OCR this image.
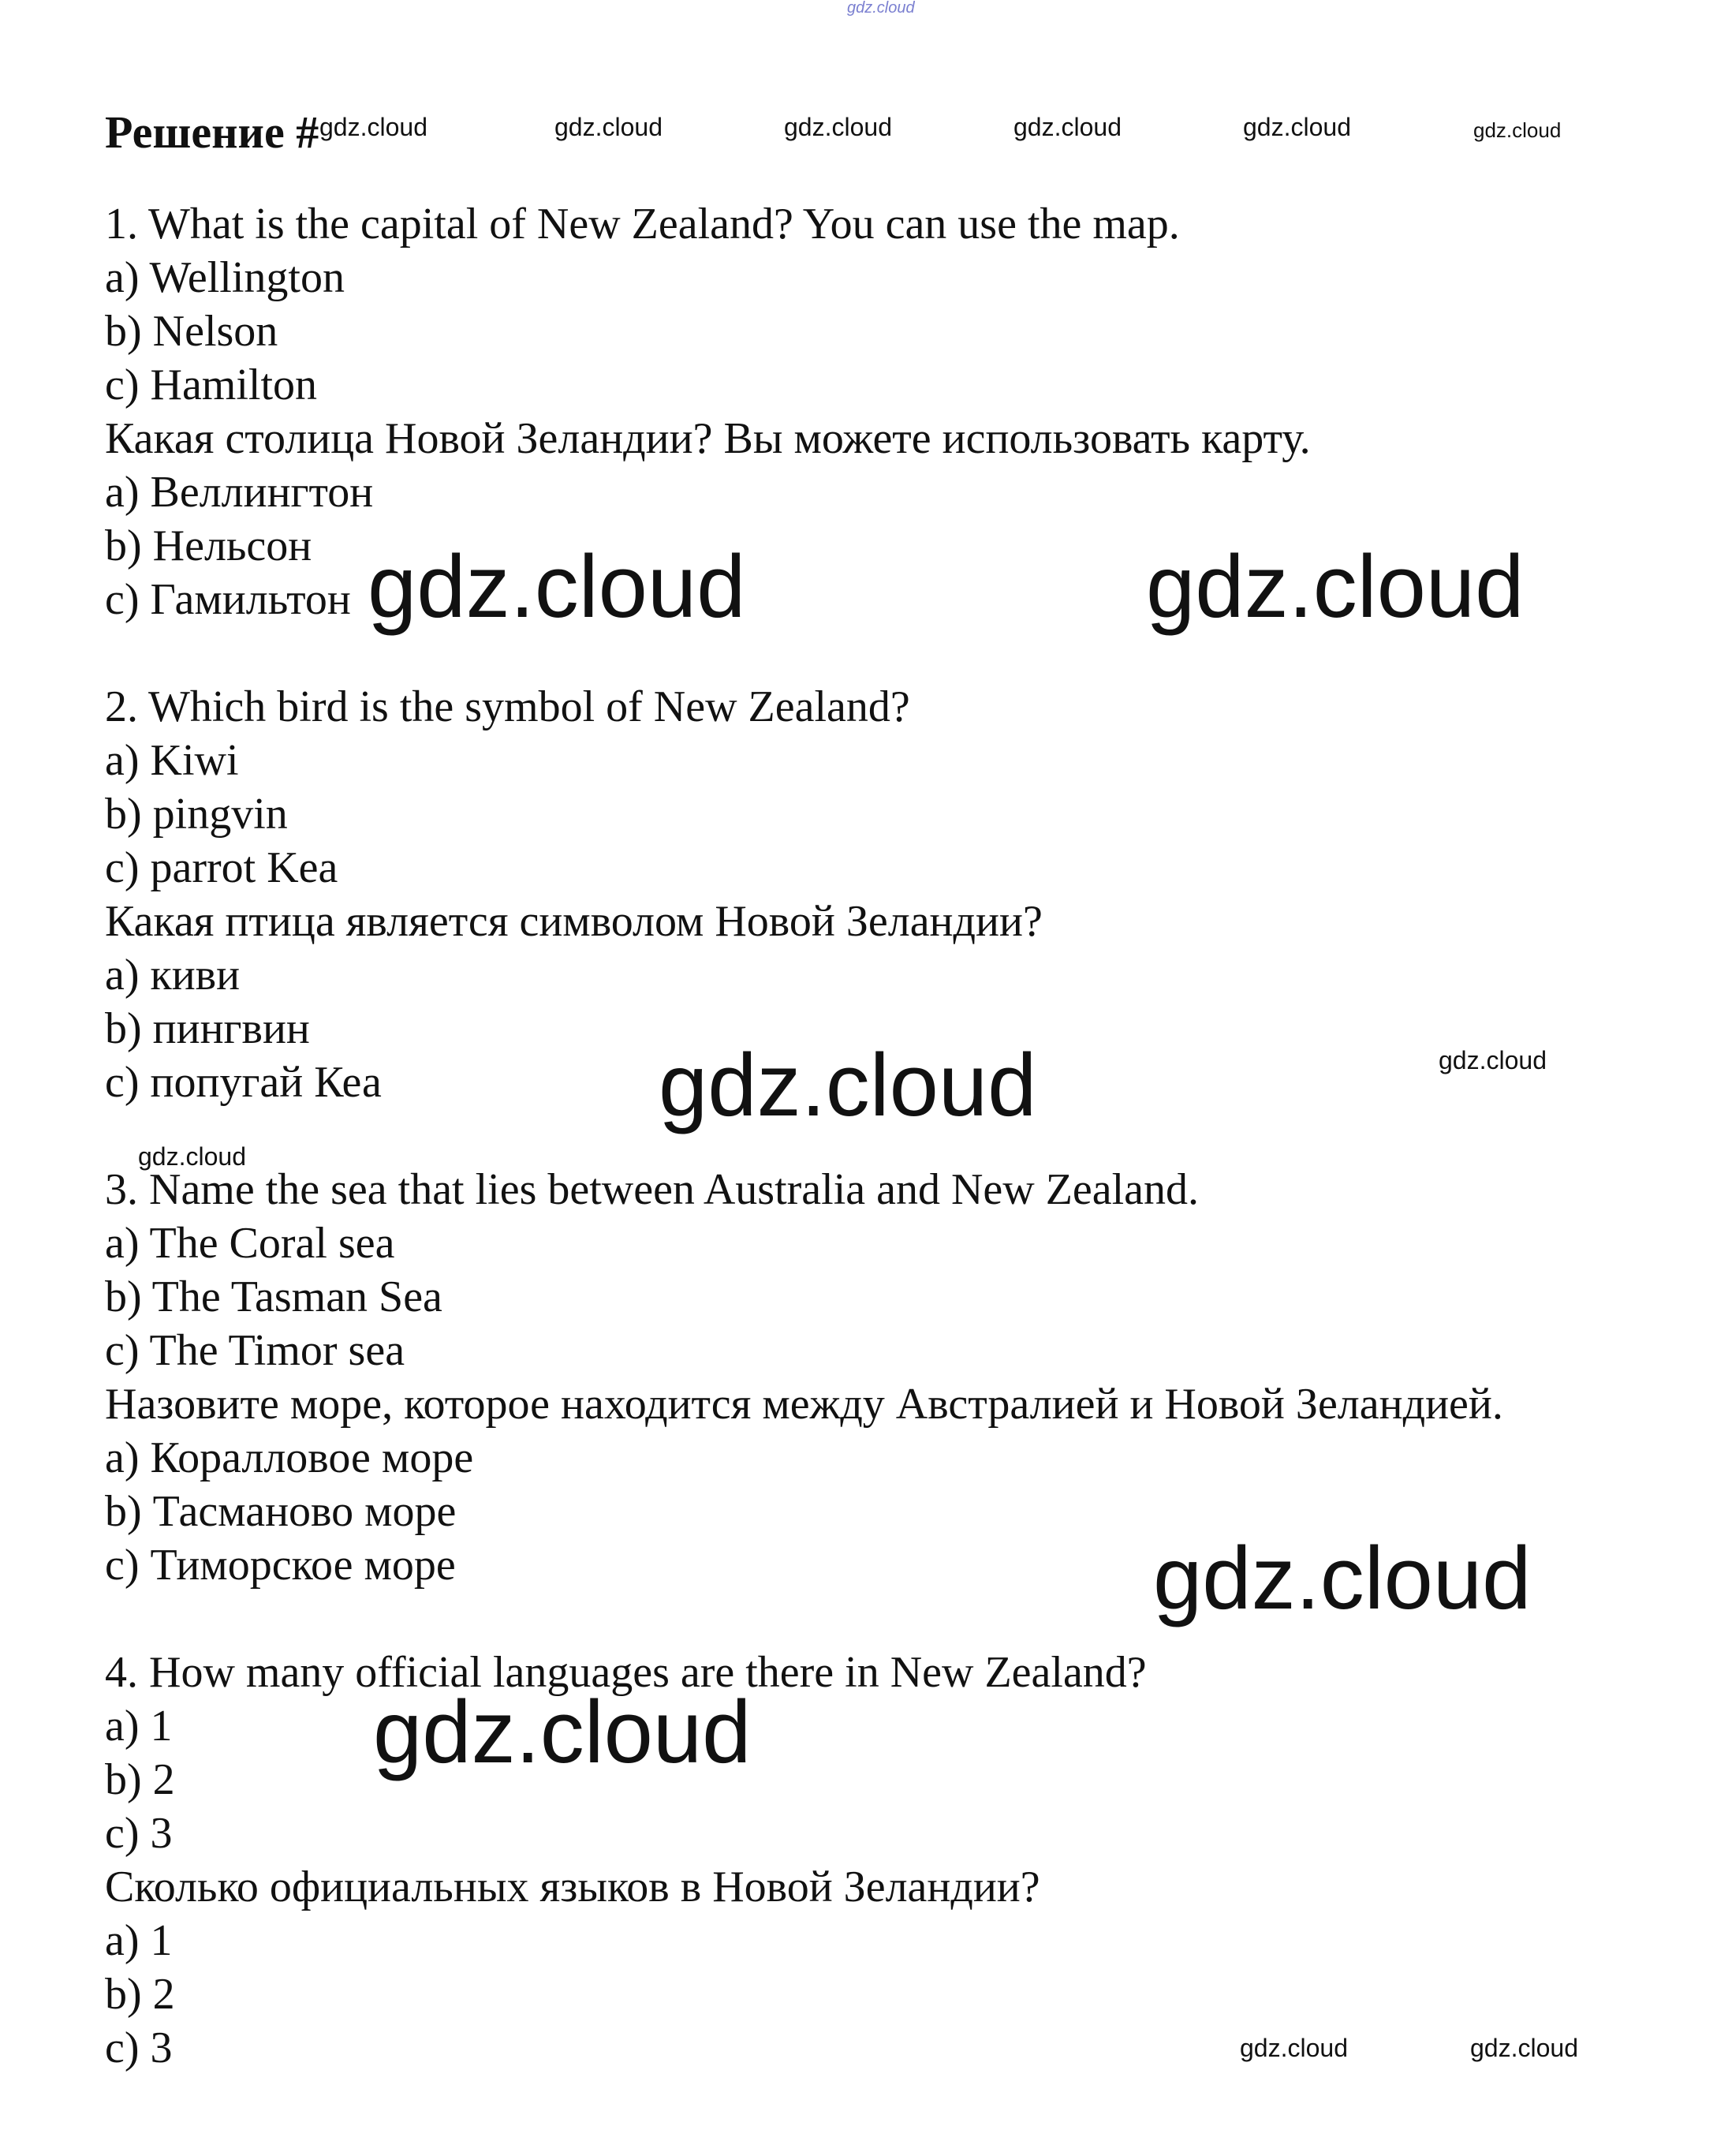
gdz.cloud
Решение # gdz.cloud	gdz.cloud	gdz.cloud	gdz.cloud	gdz.cloud	gdz.cloud

1. What is the capital of New Zealand? You can use the map.

a) Wellington

b) Nelson

c) Hamilton

Какая столица Новой Зеландии? Вы можете использовать карту.

a) Веллингтон

b) Нельсон

c) Гамильтон gdz.cloud	gdz.cloud

2. Which bird is the symbol of New Zealand?

a) Kiwi

b) pingvin

c) parrot Kea

Какая птица является символом Новой Зеландии?

a) киви

b) пингвин

c) попугай Кеа	gdz.cloud	gdz.cloud
gdz.cloud

3. Name the sea that lies between Australia and New Zealand.

a) The Coral sea

b) The Tasman Sea

c) The Timor sea

Назовите море, которое находится между Австралией и Новой Зеландией.

a) Коралловое море

b) Тасманово море

c) Тиморское море	gdz.cloud

4. How many official languages are there in New Zealand?

a) 1

b) 2

c) 3

Сколько официальных языков в Новой Зеландии?

a) 1

b) 2

c) 3

gdz.cloud
gdz.cloud	gdz.cloud
